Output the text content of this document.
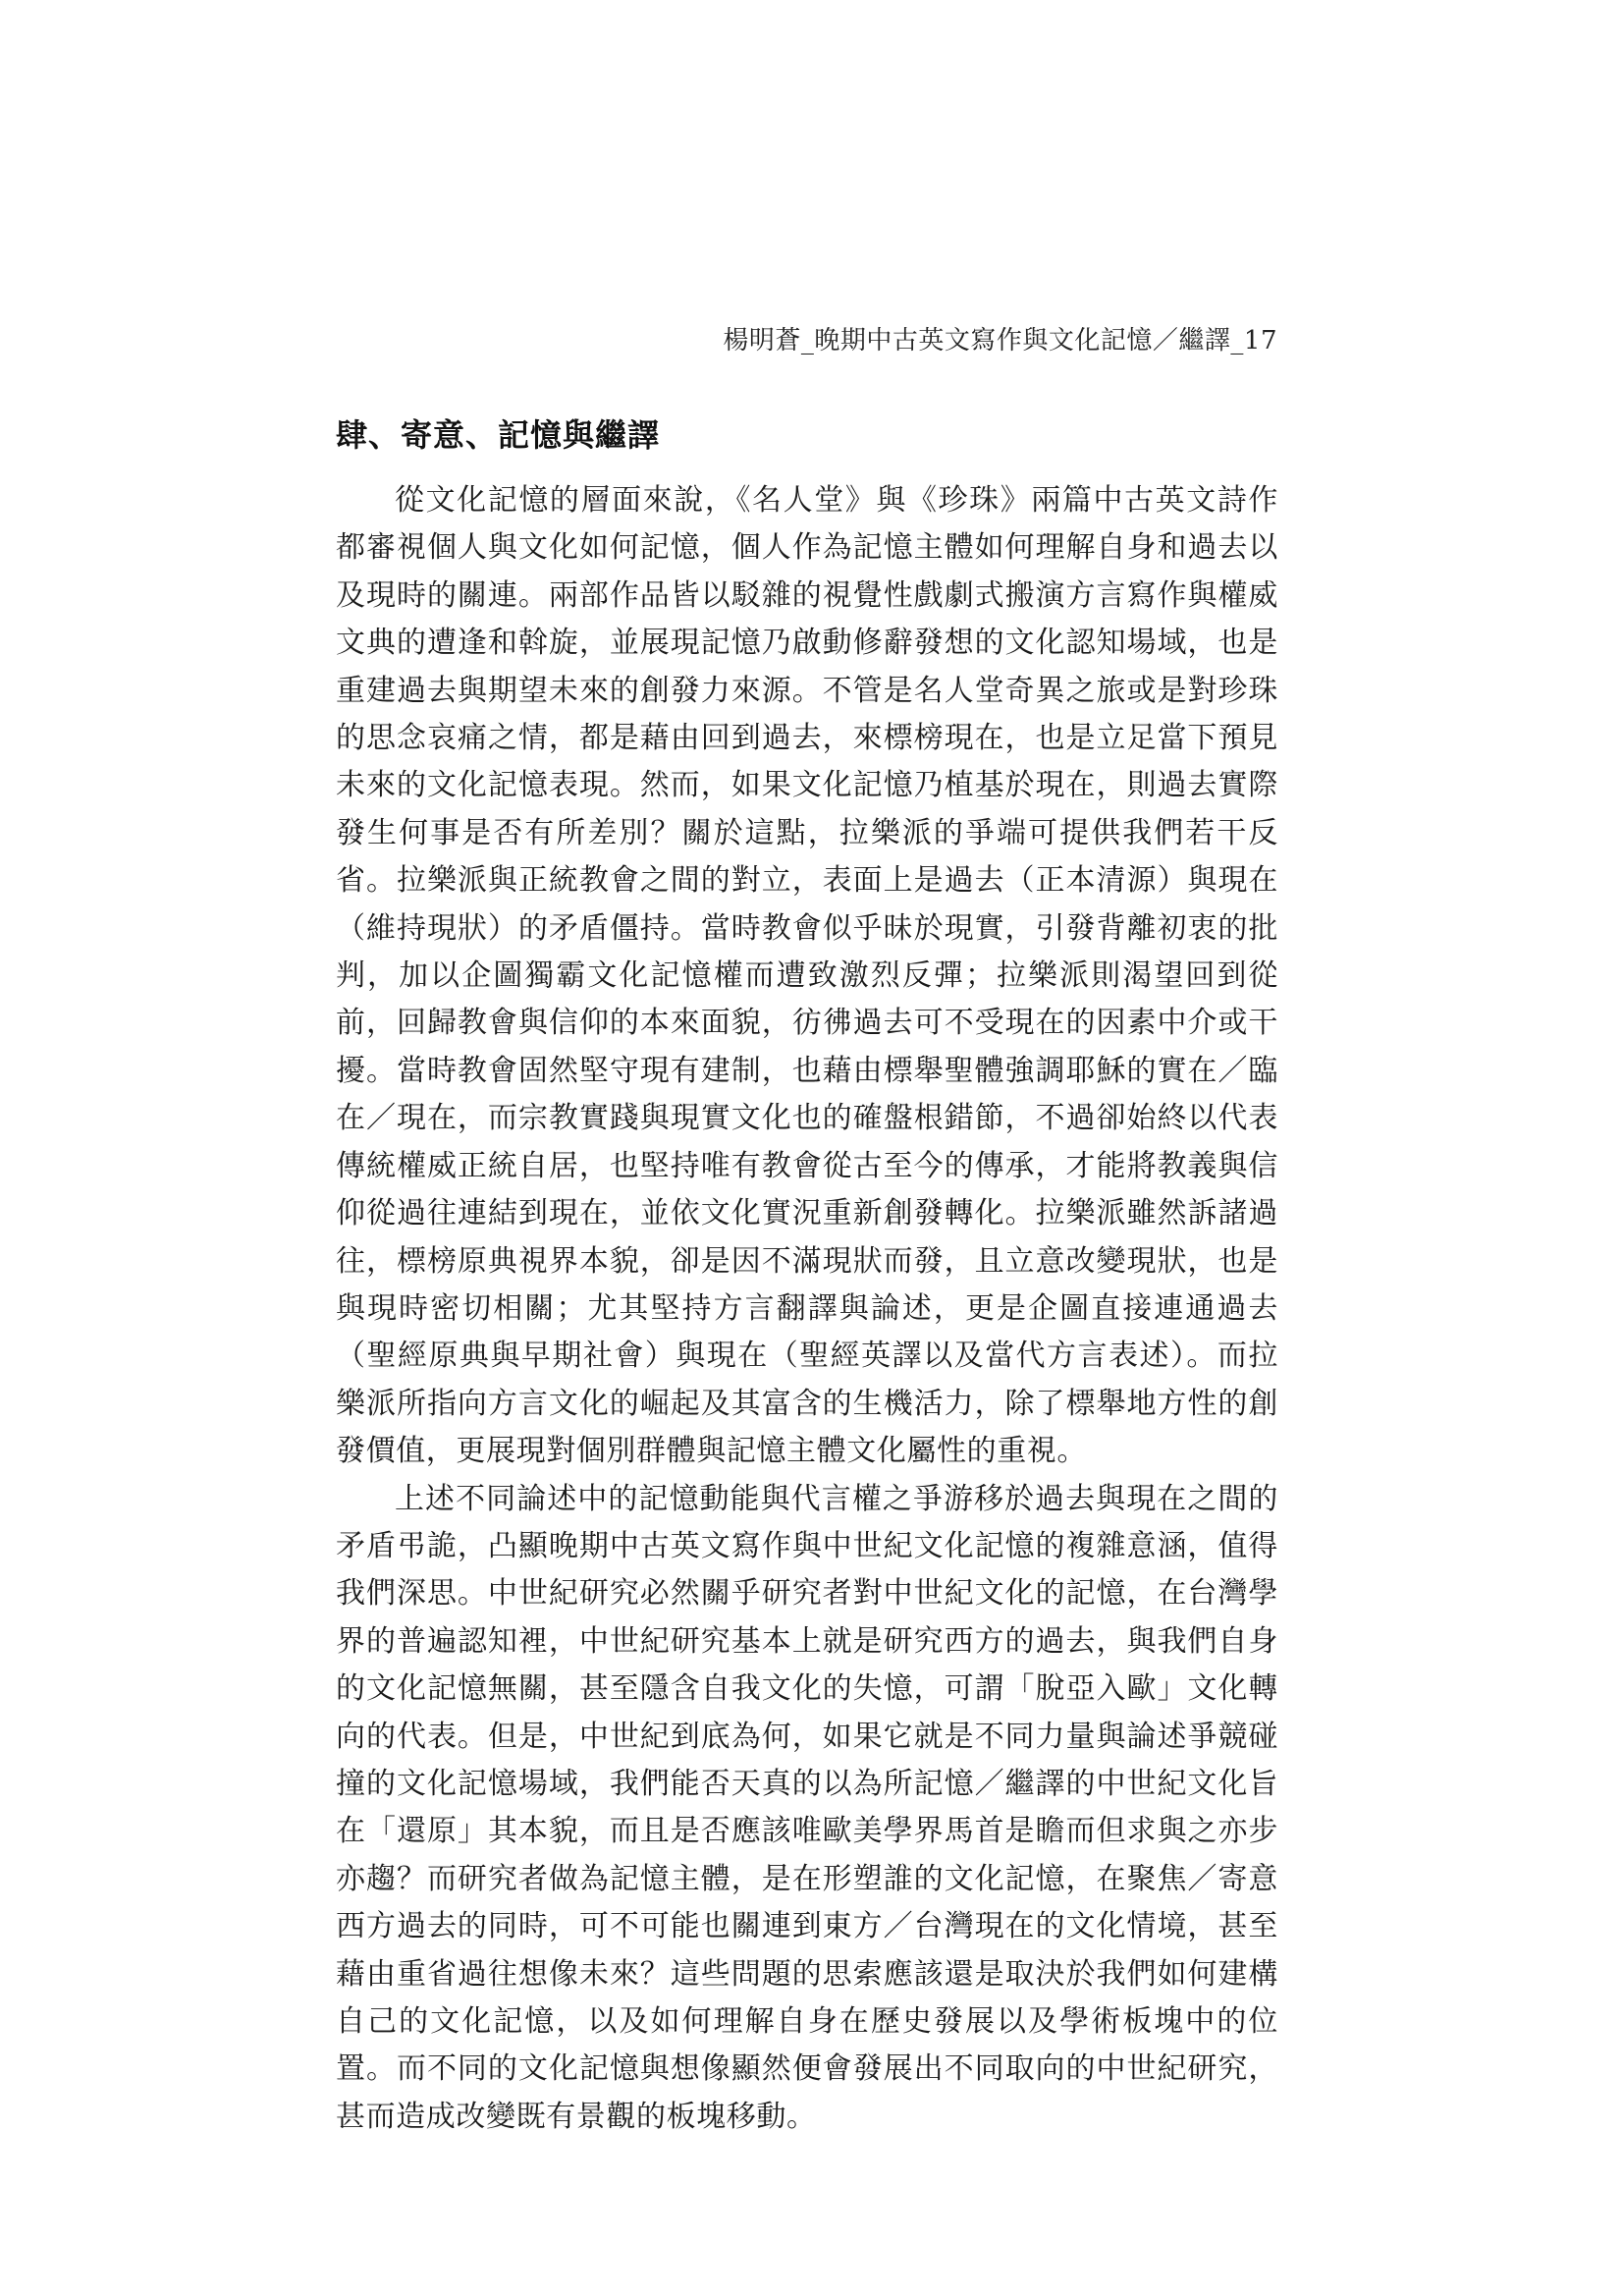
楊明蒼_晚期中古英文寫作與文化記憶／繼譯_17
肆、寄意、記憶與繼譯

從文化記憶的層面來說，《名人堂》與《珍珠》兩篇中古英文詩作都審視個人與文化如何記憶，個人作為記憶主體如何理解自身和過去以及現時的關連。兩部作品皆以駁雜的視覺性戲劇式搬演方言寫作與權威文典的遭逢和斡旋，並展現記憶乃啟動修辭發想的文化認知場域，也是重建過去與期望未來的創發力來源。不管是名人堂奇異之旅或是對珍珠的思念哀痛之情，都是藉由回到過去，來標榜現在，也是立足當下預見未來的文化記憶表現。然而，如果文化記憶乃植基於現在，則過去實際發生何事是否有所差別？關於這點，拉樂派的爭端可提供我們若干反省。拉樂派與正統教會之間的對立，表面上是過去（正本清源）與現在（維持現狀）的矛盾僵持。當時教會似乎昧於現實，引發背離初衷的批判，加以企圖獨霸文化記憶權而遭致激烈反彈；拉樂派則渴望回到從前，回歸教會與信仰的本來面貌，彷彿過去可不受現在的因素中介或干擾。當時教會固然堅守現有建制，也藉由標舉聖體強調耶穌的實在／臨在／現在，而宗教實踐與現實文化也的確盤根錯節，不過卻始終以代表傳統權威正統自居，也堅持唯有教會從古至今的傳承，才能將教義與信仰從過往連結到現在，並依文化實況重新創發轉化。拉樂派雖然訴諸過往，標榜原典視界本貌，卻是因不滿現狀而發，且立意改變現狀，也是與現時密切相關；尤其堅持方言翻譯與論述，更是企圖直接連通過去（聖經原典與早期社會）與現在（聖經英譯以及當代方言表述）。而拉樂派所指向方言文化的崛起及其富含的生機活力，除了標舉地方性的創發價值，更展現對個別群體與記憶主體文化屬性的重視。

上述不同論述中的記憶動能與代言權之爭游移於過去與現在之間的矛盾弔詭，凸顯晚期中古英文寫作與中世紀文化記憶的複雜意涵，值得我們深思。中世紀研究必然關乎研究者對中世紀文化的記憶，在台灣學界的普遍認知裡，中世紀研究基本上就是研究西方的過去，與我們自身的文化記憶無關，甚至隱含自我文化的失憶，可謂「脫亞入歐」文化轉向的代表。但是，中世紀到底為何，如果它就是不同力量與論述爭競碰撞的文化記憶場域，我們能否天真的以為所記憶／繼譯的中世紀文化旨在「還原」其本貌，而且是否應該唯歐美學界馬首是瞻而但求與之亦步亦趨？而研究者做為記憶主體，是在形塑誰的文化記憶，在聚焦／寄意西方過去的同時，可不可能也關連到東方／台灣現在的文化情境，甚至藉由重省過往想像未來？這些問題的思索應該還是取決於我們如何建構自己的文化記憶，以及如何理解自身在歷史發展以及學術板塊中的位置。而不同的文化記憶與想像顯然便會發展出不同取向的中世紀研究，甚而造成改變既有景觀的板塊移動。
